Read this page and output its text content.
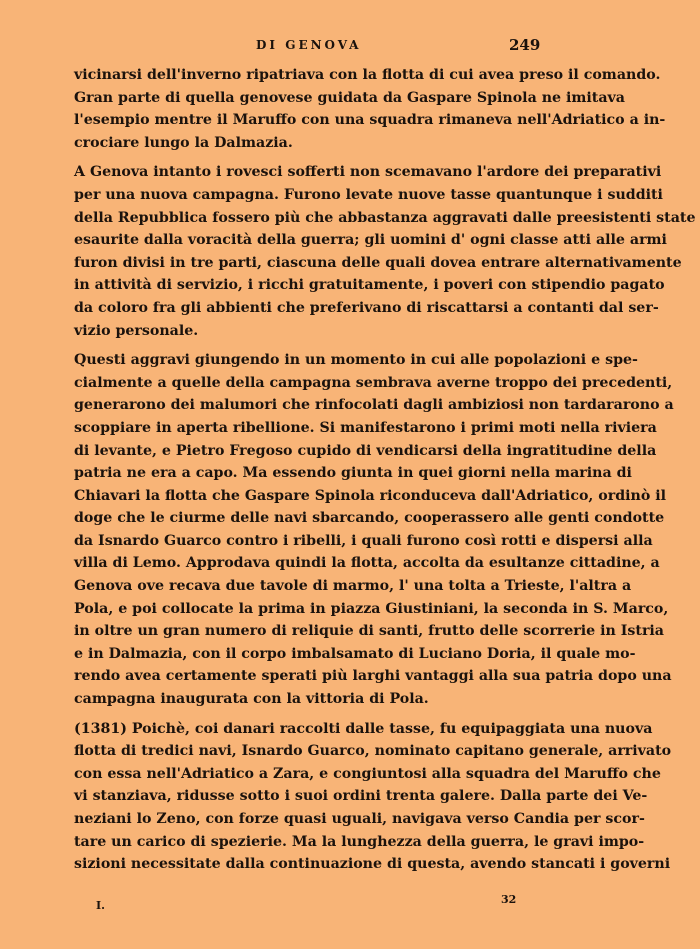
DI GENOVA	249
vicinarsi dell'inverno ripatriava con la flotta di cui avea preso il comando.
Gran parte di quella genovese guidata da Gaspare Spinola ne imitava
l'esempio mentre il Maruffo con una squadra rimaneva nell'Adriatico a in-
crociare lungo la Dalmazia.
A Genova intanto i rovesci sofferti non scemavano l'ardore dei preparativi
per una nuova campagna. Furono levate nuove tasse quantunque i sudditi
della Repubblica fossero più che abbastanza aggravati dalle preesistenti state
esaurite dalla voracità della guerra; gli uomini d' ogni classe atti alle armi
furon divisi in tre parti, ciascuna delle quali dovea entrare alternativamente
in attività di servizio, i ricchi gratuitamente, i poveri con stipendio pagato
da coloro fra gli abbienti che preferivano di riscattarsi a contanti dal ser-
vizio personale.
Questi aggravi giungendo in un momento in cui alle popolazioni e spe-
cialmente a quelle della campagna sembrava averne troppo dei precedenti,
generarono dei malumori che rinfocolati dagli ambiziosi non tardararono a
scoppiare in aperta ribellione. Si manifestarono i primi moti nella riviera
di levante, e Pietro Fregoso cupido di vendicarsi della ingratitudine della
patria ne era a capo. Ma essendo giunta in quei giorni nella marina di
Chiavari la flotta che Gaspare Spinola riconduceva dall'Adriatico, ordinò il
doge che le ciurme delle navi sbarcando, cooperassero alle genti condotte
da Isnardo Guarco contro i ribelli, i quali furono così rotti e dispersi alla
villa di Lemo. Approdava quindi la flotta, accolta da esultanze cittadine, a
Genova ove recava due tavole di marmo, l' una tolta a Trieste, l'altra a
Pola, e poi collocate la prima in piazza Giustiniani, la seconda in S. Marco,
in oltre un gran numero di reliquie di santi, frutto delle scorrerie in Istria
e in Dalmazia, con il corpo imbalsamato di Luciano Doria, il quale mo-
rendo avea certamente sperati più larghi vantaggi alla sua patria dopo una
campagna inaugurata con la vittoria di Pola.
(1381) Poichè, coi danari raccolti dalle tasse, fu equipaggiata una nuova
flotta di tredici navi, Isnardo Guarco, nominato capitano generale, arrivato
con essa nell'Adriatico a Zara, e congiuntosi alla squadra del Maruffo che
vi stanziava, ridusse sotto i suoi ordini trenta galere. Dalla parte dei Ve-
neziani lo Zeno, con forze quasi uguali, navigava verso Candia per scor-
tare un carico di spezierie. Ma la lunghezza della guerra, le gravi impo-
sizioni necessitate dalla continuazione di questa, avendo stancati i governi
I.	32
